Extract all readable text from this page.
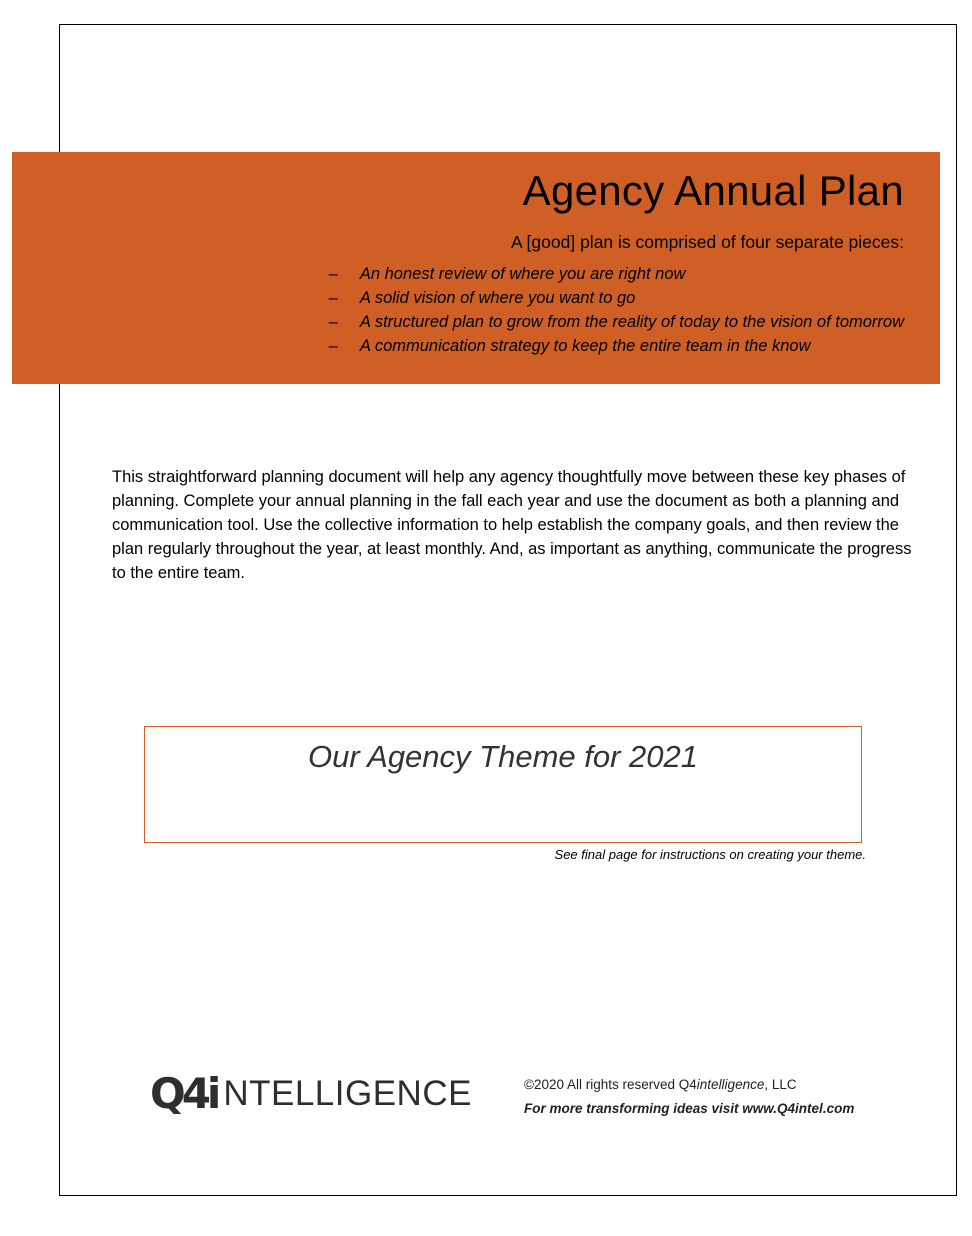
Agency Annual Plan

A [good] plan is comprised of four separate pieces:

– An honest review of where you are right now
– A solid vision of where you want to go
– A structured plan to grow from the reality of today to the vision of tomorrow
– A communication strategy to keep the entire team in the know

This straightforward planning document will help any agency thoughtfully move between these key phases of planning. Complete your annual planning in the fall each year and use the document as both a planning and communication tool. Use the collective information to help establish the company goals, and then review the plan regularly throughout the year, at least monthly. And, as important as anything, communicate the progress to the entire team.

Our Agency Theme for 2021

See final page for instructions on creating your theme.

Q4i NTELLIGENCE	©2020 All rights reserved Q4intelligence, LLC

For more transforming ideas visit www.Q4intel.com
